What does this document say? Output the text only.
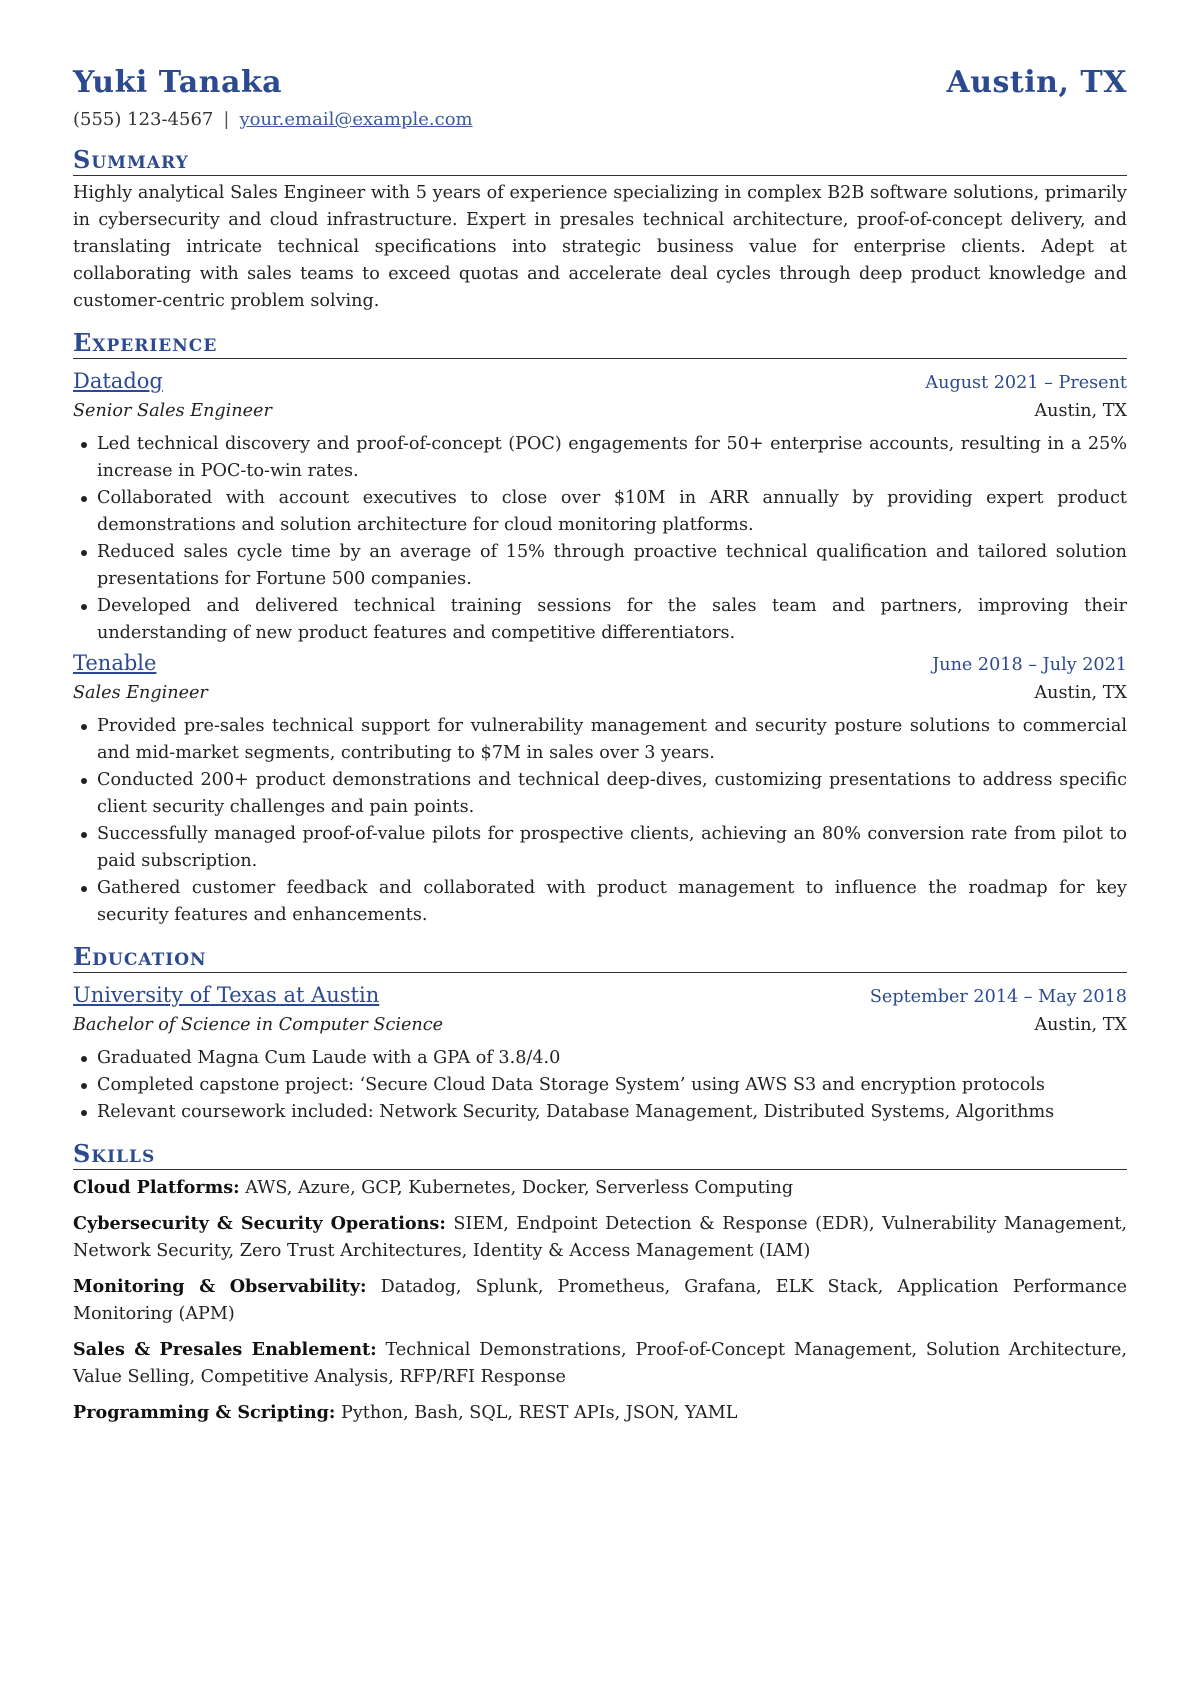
Yuki Tanaka	Austin, TX
(555) 123-4567 | your.email@example.com
Summary
Highly analytical Sales Engineer with 5 years of experience specializing in complex B2B software solutions, primarily in cybersecurity and cloud infrastructure. Expert in presales technical architecture, proof-of-concept delivery, and translating intricate technical specifications into strategic business value for enterprise clients. Adept at collaborating with sales teams to exceed quotas and accelerate deal cycles through deep product knowledge and customer-centric problem solving.
Experience
Datadog	August 2021 – Present
Senior Sales Engineer	Austin, TX
Led technical discovery and proof-of-concept (POC) engagements for 50+ enterprise accounts, resulting in a 25% increase in POC-to-win rates.
Collaborated with account executives to close over $10M in ARR annually by providing expert product demonstrations and solution architecture for cloud monitoring platforms.
Reduced sales cycle time by an average of 15% through proactive technical qualification and tailored solution presentations for Fortune 500 companies.
Developed and delivered technical training sessions for the sales team and partners, improving their understanding of new product features and competitive differentiators.
Tenable	June 2018 – July 2021
Sales Engineer	Austin, TX
Provided pre-sales technical support for vulnerability management and security posture solutions to commercial and mid-market segments, contributing to $7M in sales over 3 years.
Conducted 200+ product demonstrations and technical deep-dives, customizing presentations to address specific client security challenges and pain points.
Successfully managed proof-of-value pilots for prospective clients, achieving an 80% conversion rate from pilot to paid subscription.
Gathered customer feedback and collaborated with product management to influence the roadmap for key security features and enhancements.
Education
University of Texas at Austin	September 2014 – May 2018
Bachelor of Science in Computer Science	Austin, TX
Graduated Magna Cum Laude with a GPA of 3.8/4.0
Completed capstone project: ‘Secure Cloud Data Storage System’ using AWS S3 and encryption protocols
Relevant coursework included: Network Security, Database Management, Distributed Systems, Algorithms
Skills
Cloud Platforms: AWS, Azure, GCP, Kubernetes, Docker, Serverless Computing
Cybersecurity & Security Operations: SIEM, Endpoint Detection & Response (EDR), Vulnerability Management, Network Security, Zero Trust Architectures, Identity & Access Management (IAM)
Monitoring & Observability: Datadog, Splunk, Prometheus, Grafana, ELK Stack, Application Performance Monitoring (APM)
Sales & Presales Enablement: Technical Demonstrations, Proof-of-Concept Management, Solution Architecture, Value Selling, Competitive Analysis, RFP/RFI Response
Programming & Scripting: Python, Bash, SQL, REST APIs, JSON, YAML
